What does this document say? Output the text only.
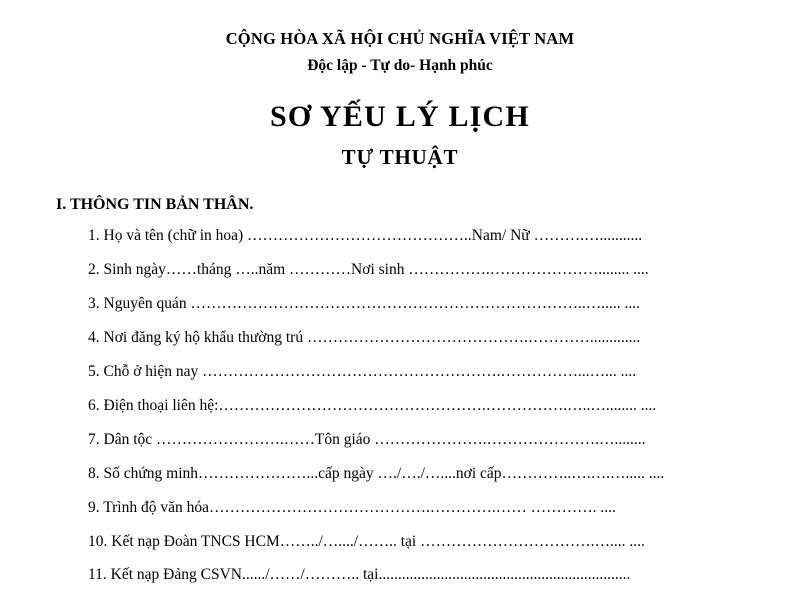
CỘNG HÒA XÃ HỘI CHỦ NGHĨA VIỆT NAM
Độc lập - Tự do- Hạnh phúc
SƠ YẾU LÝ LỊCH
TỰ THUẬT
I. THÔNG TIN BẢN THÂN.
1. Họ và tên (chữ in hoa) ……………………………………..Nam/ Nữ ……….…...........
2. Sinh ngày……tháng …..năm …………Nơi sinh …………….…………………........ ....
3. Nguyên quán …………………………………………………………………..…..... ....
4. Nơi đăng ký hộ khẩu thường trú …………………………………….………….............
5. Chỗ ở hiện nay ………………………………………………….……………...…... ....
6. Điện thoại liên hệ:…………………………………………….…………….…..…........ ....
7. Dân tộc …………………….……Tôn giáo ………………….………………….…........
8. Số chứng minh…………………...cấp ngày …./…./…....nơi cấp…………..….….…..... ....
9. Trình độ văn hóa…………………………………….………….…… …………. ....
10. Kết nạp Đoàn TNCS HCM……../…..../…….. tại …………………………….….... ....
11. Kết nạp Đảng CSVN....../……/……….. tại.................................................................
